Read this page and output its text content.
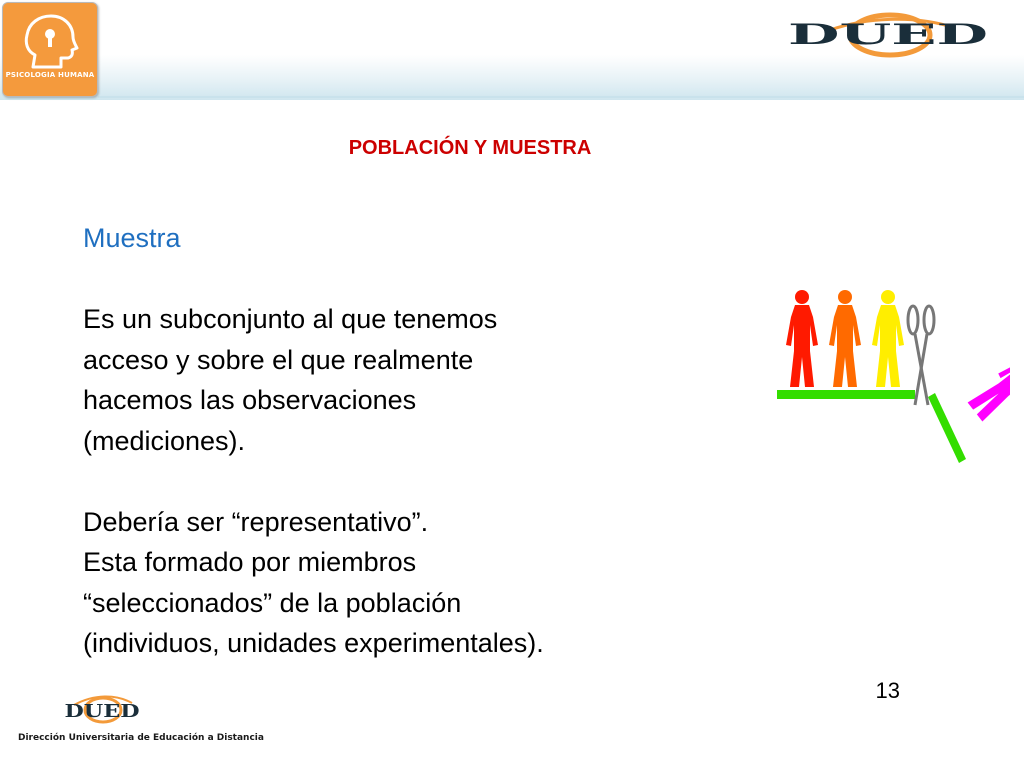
PSICOLOGÍA HUMANA
DUED
POBLACIÓN Y MUESTRA
Muestra
Es un subconjunto al que tenemos
acceso y sobre el que realmente
hacemos las observaciones
(mediciones).
Debería ser “representativo”.
Esta formado por miembros
“seleccionados” de la población
(individuos, unidades experimentales).
13
DUED
Dirección Universitaria de Educación a Distancia
